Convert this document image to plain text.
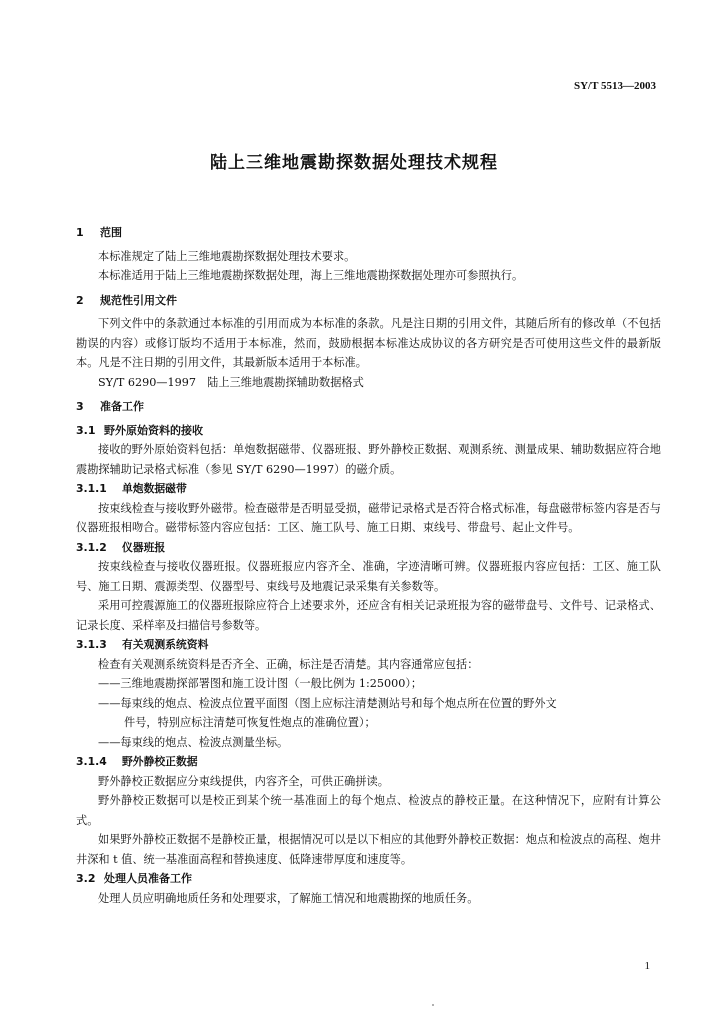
SY/T 5513—2003
陆上三维地震勘探数据处理技术规程
1 范围
本标准规定了陆上三维地震勘探数据处理技术要求。
本标准适用于陆上三维地震勘探数据处理，海上三维地震勘探数据处理亦可参照执行。
2 规范性引用文件
下列文件中的条款通过本标准的引用而成为本标准的条款。凡是注日期的引用文件，其随后所有的修改单（不包括勘误的内容）或修订版均不适用于本标准，然而，鼓励根据本标准达成协议的各方研究是否可使用这些文件的最新版本。凡是不注日期的引用文件，其最新版本适用于本标准。
SY/T 6290—1997　陆上三维地震勘探辅助数据格式
3 准备工作
3.1 野外原始资料的接收
接收的野外原始资料包括：单炮数据磁带、仪器班报、野外静校正数据、观测系统、测量成果、辅助数据应符合地震勘探辅助记录格式标准（参见 SY/T 6290—1997）的磁介质。
3.1.1 单炮数据磁带
按束线检查与接收野外磁带。检查磁带是否明显受损，磁带记录格式是否符合格式标准，每盘磁带标签内容是否与仪器班报相吻合。磁带标签内容应包括：工区、施工队号、施工日期、束线号、带盘号、起止文件号。
3.1.2 仪器班报
按束线检查与接收仪器班报。仪器班报应内容齐全、准确，字迹清晰可辨。仪器班报内容应包括：工区、施工队号、施工日期、震源类型、仪器型号、束线号及地震记录采集有关参数等。
采用可控震源施工的仪器班报除应符合上述要求外，还应含有相关记录班报为容的磁带盘号、文件号、记录格式、记录长度、采样率及扫描信号参数等。
3.1.3 有关观测系统资料
检查有关观测系统资料是否齐全、正确，标注是否清楚。其内容通常应包括：
——三维地震勘探部署图和施工设计图（一般比例为 1:25000）；
——每束线的炮点、检波点位置平面图（图上应标注清楚测站号和每个炮点所在位置的野外文
件号，特别应标注清楚可恢复性炮点的准确位置）；
——每束线的炮点、检波点测量坐标。
3.1.4 野外静校正数据
野外静校正数据应分束线提供，内容齐全，可供正确拼读。
野外静校正数据可以是校正到某个统一基准面上的每个炮点、检波点的静校正量。在这种情况下，应附有计算公式。
如果野外静校正数据不是静校正量，根据情况可以是以下相应的其他野外静校正数据：炮点和检波点的高程、炮井井深和 t 值、统一基准面高程和替换速度、低降速带厚度和速度等。
3.2 处理人员准备工作
处理人员应明确地质任务和处理要求，了解施工情况和地震勘探的地质任务。
1
